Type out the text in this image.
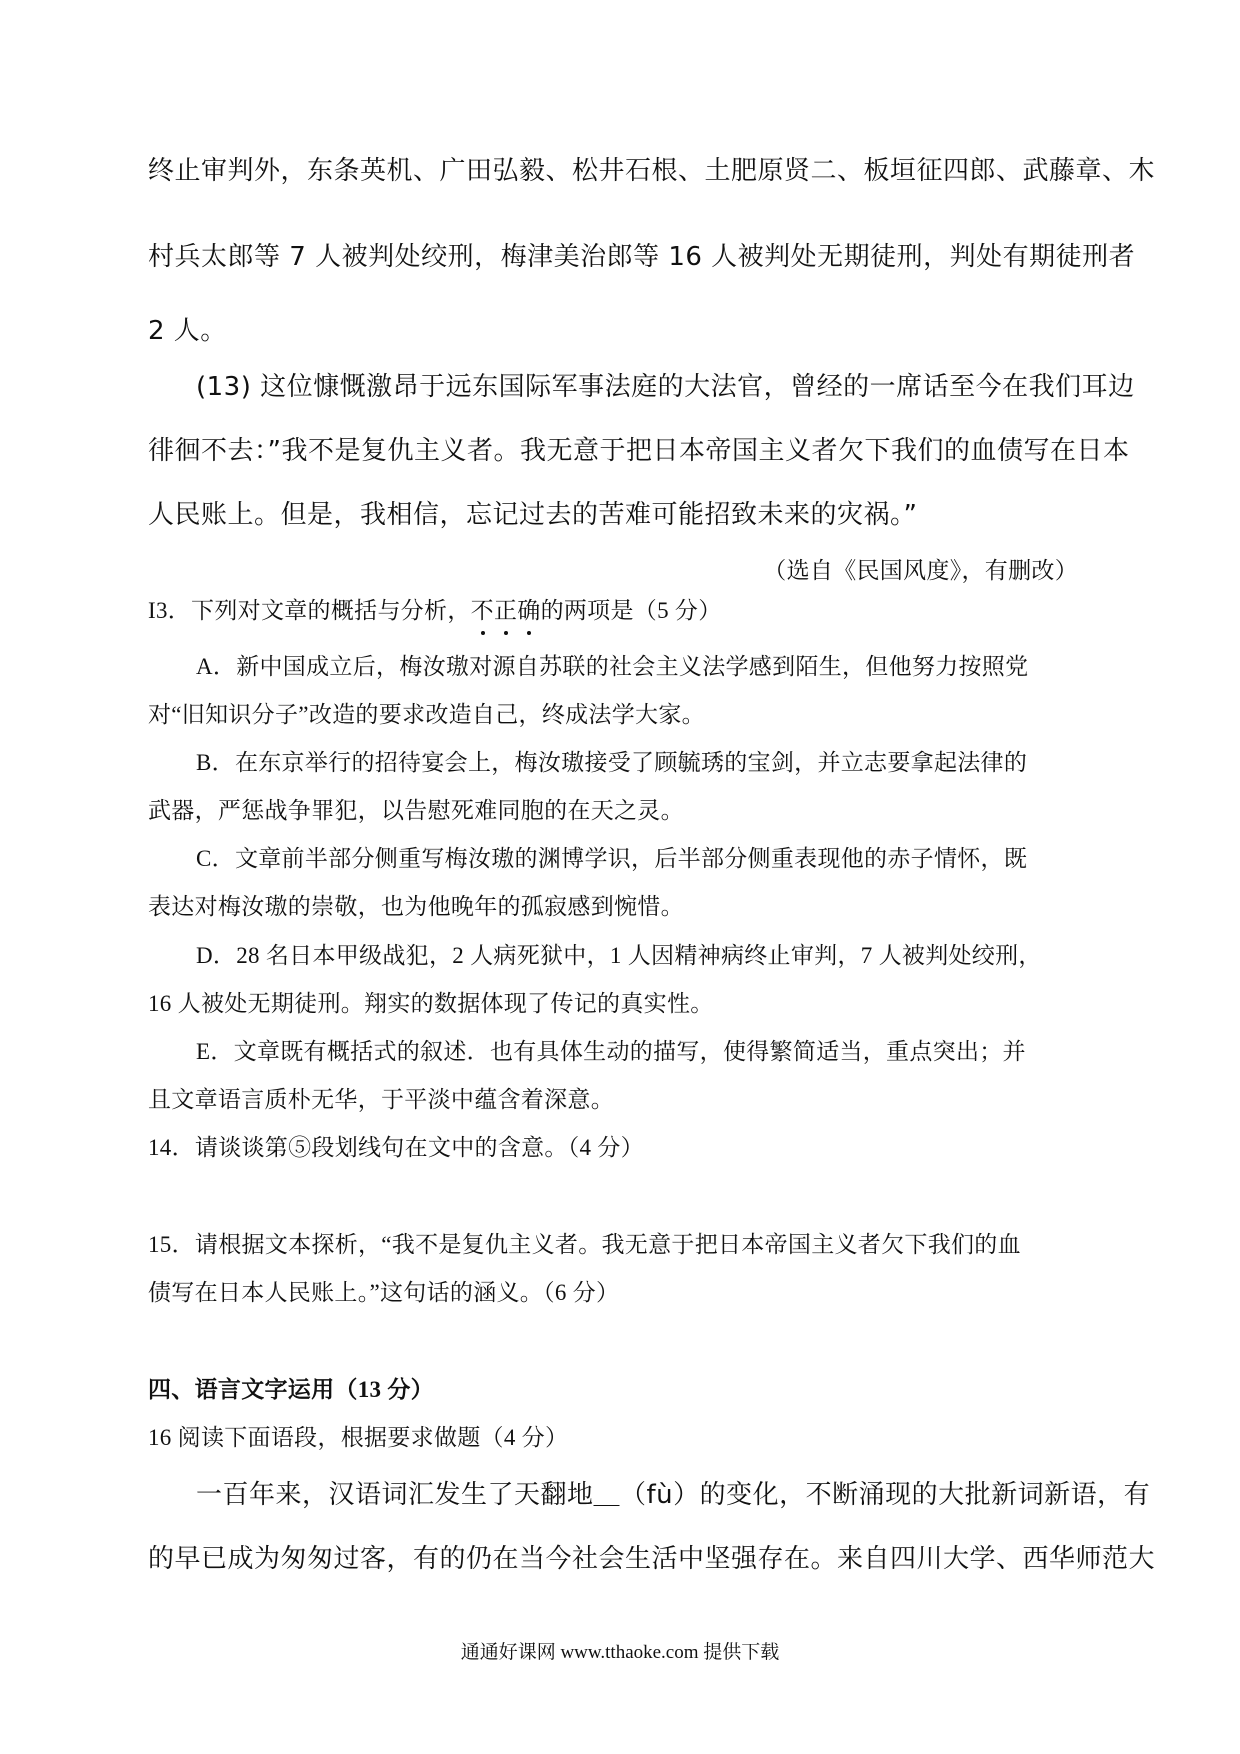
终止审判外，东条英机、广田弘毅、松井石根、土肥原贤二、板垣征四郎、武藤章、木
村兵太郎等 7 人被判处绞刑，梅津美治郎等 16 人被判处无期徒刑，判处有期徒刑者
2 人。
(13) 这位慷慨激昂于远东国际军事法庭的大法官，曾经的一席话至今在我们耳边
徘徊不去：”我不是复仇主义者。我无意于把日本帝国主义者欠下我们的血债写在日本
人民账上。但是，我相信，忘记过去的苦难可能招致未来的灾祸。”
（选自《民国风度》，有删改）
I3．下列对文章的概括与分析，不正确
的两项是（5 分）
A．新中国成立后，梅汝璈对源自苏联的社会主义法学感到陌生，但他努力按照党
对“旧知识分子”改造的要求改造自己，终成法学大家。
B．在东京举行的招待宴会上，梅汝璈接受了顾毓琇的宝剑，并立志要拿起法律的
武器，严惩战争罪犯，以告慰死难同胞的在天之灵。
C．文章前半部分侧重写梅汝璈的渊博学识，后半部分侧重表现他的赤子情怀，既
表达对梅汝璈的崇敬，也为他晚年的孤寂感到惋惜。
D．28 名日本甲级战犯，2 人病死狱中，1 人因精神病终止审判，7 人被判处绞刑，
16 人被处无期徒刑。翔实的数据体现了传记的真实性。
E．文章既有概括式的叙述．也有具体生动的描写，使得繁简适当，重点突出；并
且文章语言质朴无华，于平淡中蕴含着深意。
14．请谈谈第⑤段划线句在文中的含意。（4 分）
15．请根据文本探析，“我不是复仇主义者。我无意于把日本帝国主义者欠下我们的血
债写在日本人民账上。”这句话的涵义。（6 分）
四、语言文字运用（13 分）
16 阅读下面语段，根据要求做题（4 分）
一百年来，汉语词汇发生了天翻地＿（fù）的变化，不断涌现的大批新词新语，有
的早已成为匆匆过客，有的仍在当今社会生活中坚强存在。来自四川大学、西华师范大
通通好课网 www.tthaoke.com 提供下载
